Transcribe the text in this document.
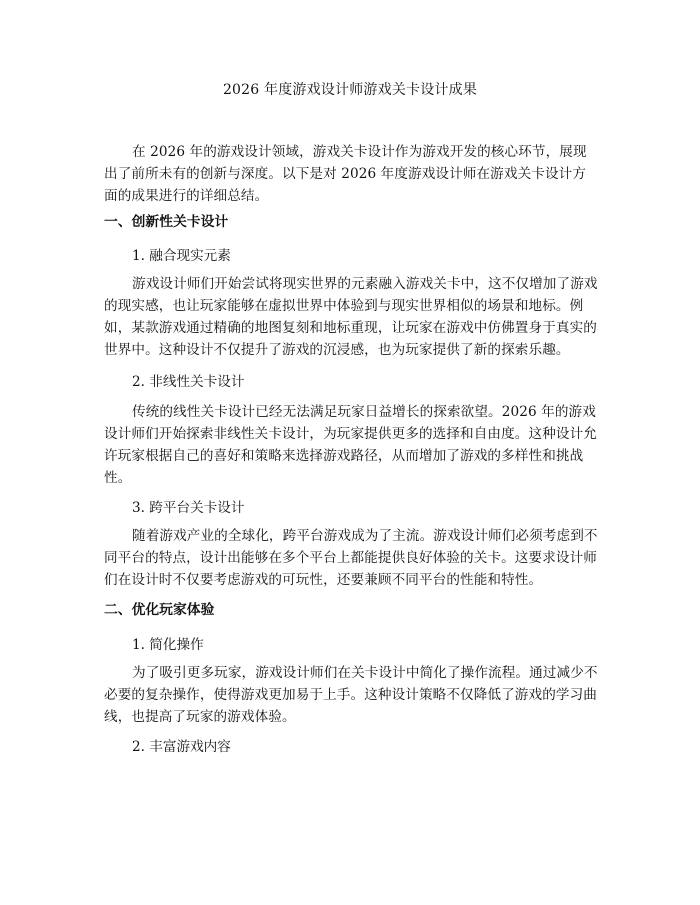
2026 年度游戏设计师游戏关卡设计成果
在 2026 年的游戏设计领域，游戏关卡设计作为游戏开发的核心环节，展现出了前所未有的创新与深度。以下是对 2026 年度游戏设计师在游戏关卡设计方面的成果进行的详细总结。
一、创新性关卡设计
1. 融合现实元素
游戏设计师们开始尝试将现实世界的元素融入游戏关卡中，这不仅增加了游戏的现实感，也让玩家能够在虚拟世界中体验到与现实世界相似的场景和地标。例如，某款游戏通过精确的地图复刻和地标重现，让玩家在游戏中仿佛置身于真实的世界中。这种设计不仅提升了游戏的沉浸感，也为玩家提供了新的探索乐趣。
2. 非线性关卡设计
传统的线性关卡设计已经无法满足玩家日益增长的探索欲望。2026 年的游戏设计师们开始探索非线性关卡设计，为玩家提供更多的选择和自由度。这种设计允许玩家根据自己的喜好和策略来选择游戏路径，从而增加了游戏的多样性和挑战性。
3. 跨平台关卡设计
随着游戏产业的全球化，跨平台游戏成为了主流。游戏设计师们必须考虑到不同平台的特点，设计出能够在多个平台上都能提供良好体验的关卡。这要求设计师们在设计时不仅要考虑游戏的可玩性，还要兼顾不同平台的性能和特性。
二、优化玩家体验
1. 简化操作
为了吸引更多玩家，游戏设计师们在关卡设计中简化了操作流程。通过减少不必要的复杂操作，使得游戏更加易于上手。这种设计策略不仅降低了游戏的学习曲线，也提高了玩家的游戏体验。
2. 丰富游戏内容
